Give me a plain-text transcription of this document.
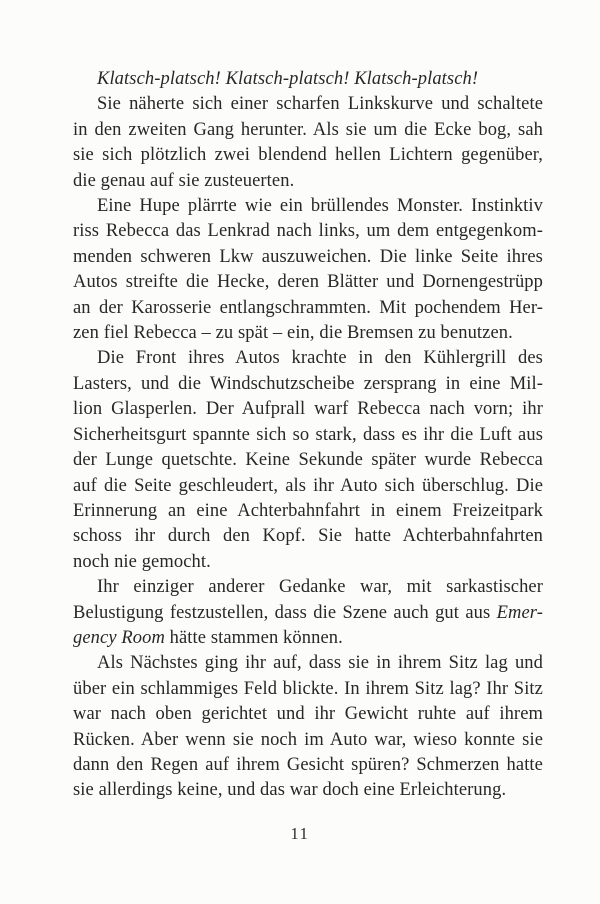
Klatsch-platsch! Klatsch-platsch! Klatsch-platsch!
Sie näherte sich einer scharfen Linkskurve und schaltete
in den zweiten Gang herunter. Als sie um die Ecke bog, sah
sie sich plötzlich zwei blendend hellen Lichtern gegenüber,
die genau auf sie zusteuerten.
Eine Hupe plärrte wie ein brüllendes Monster. Instinktiv
riss Rebecca das Lenkrad nach links, um dem entgegenkom-
menden schweren Lkw auszuweichen. Die linke Seite ihres
Autos streifte die Hecke, deren Blätter und Dornengestrüpp
an der Karosserie entlangschrammten. Mit pochendem Her-
zen fiel Rebecca – zu spät – ein, die Bremsen zu benutzen.
Die Front ihres Autos krachte in den Kühlergrill des
Lasters, und die Windschutzscheibe zersprang in eine Mil-
lion Glasperlen. Der Aufprall warf Rebecca nach vorn; ihr
Sicherheitsgurt spannte sich so stark, dass es ihr die Luft aus
der Lunge quetschte. Keine Sekunde später wurde Rebecca
auf die Seite geschleudert, als ihr Auto sich überschlug. Die
Erinnerung an eine Achterbahnfahrt in einem Freizeitpark
schoss ihr durch den Kopf. Sie hatte Achterbahnfahrten
noch nie gemocht.
Ihr einziger anderer Gedanke war, mit sarkastischer
Belustigung festzustellen, dass die Szene auch gut aus Emer-
gency Room hätte stammen können.
Als Nächstes ging ihr auf, dass sie in ihrem Sitz lag und
über ein schlammiges Feld blickte. In ihrem Sitz lag? Ihr Sitz
war nach oben gerichtet und ihr Gewicht ruhte auf ihrem
Rücken. Aber wenn sie noch im Auto war, wieso konnte sie
dann den Regen auf ihrem Gesicht spüren? Schmerzen hatte
sie allerdings keine, und das war doch eine Erleichterung.
11
